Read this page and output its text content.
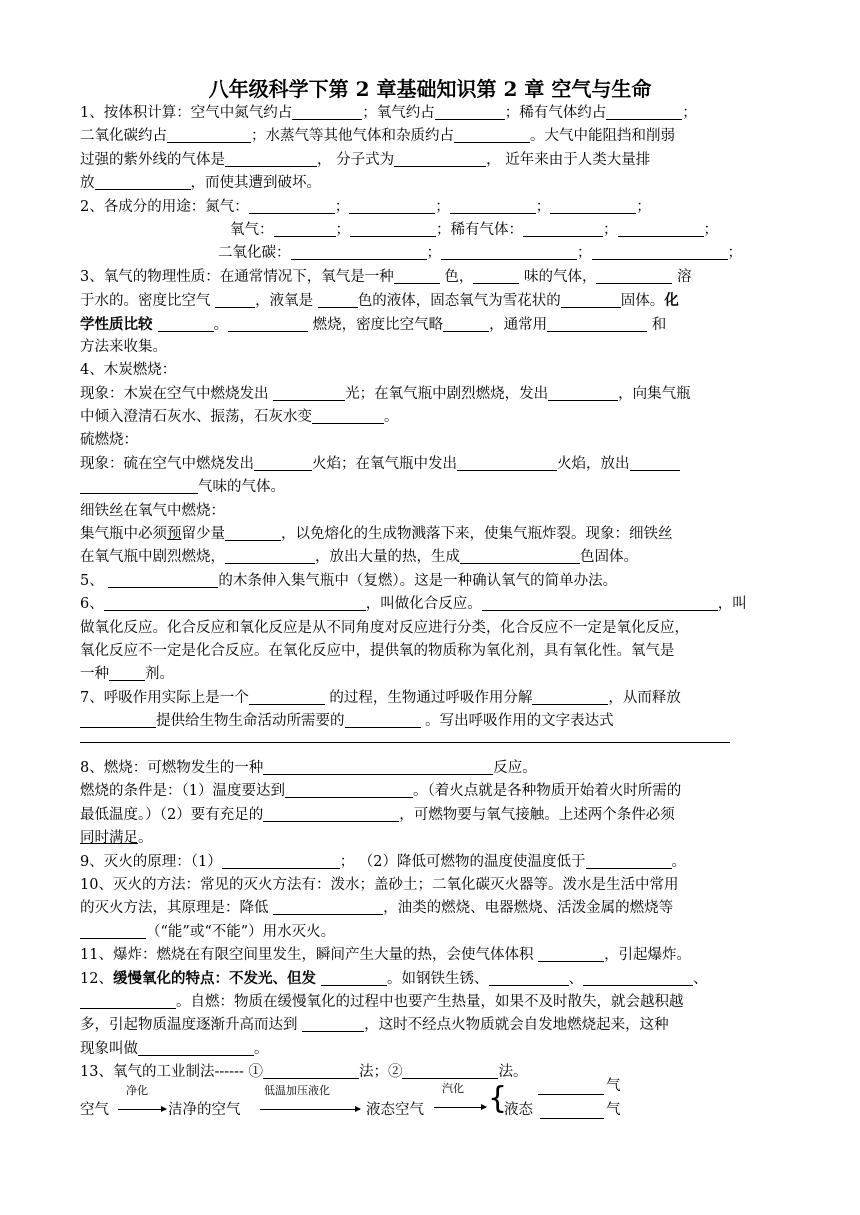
八年级科学下第 2 章基础知识第 2 章 空气与生命
1、按体积计算：空气中氮气约占	；氧气约占	；稀有气体约占	；
二氧化碳约占	；水蒸气等其他气体和杂质约占	。大气中能阻挡和削弱
过强的紫外线的气体是	， 分子式为	， 近年来由于人类大量排
放	，而使其遭到破坏。
2、各成分的用途：氮气：	；	；	；	；
氧气：	；	；稀有气体：	；	；
二氧化碳：	；	；	；
3、氧气的物理性质：在通常情况下，氧气是一种	色，	味的气体，	溶
于水的。密度比空气	，液氧是	色的液体，固态氧气为雪花状的	固体。化
学性质比较	。	燃烧，密度比空气略	，通常用	和
方法来收集。
4、木炭燃烧：
现象：木炭在空气中燃烧发出	光；在氧气瓶中剧烈燃烧，发出	，向集气瓶
中倾入澄清石灰水、振荡，石灰水变	。
硫燃烧：
现象：硫在空气中燃烧发出	火焰；在氧气瓶中发出	火焰，放出
气味的气体。
细铁丝在氧气中燃烧：
集气瓶中必须预留少量	，以免熔化的生成物溅落下来，使集气瓶炸裂。现象：细铁丝
在氧气瓶中剧烈燃烧，	，放出大量的热，生成	色固体。
5、	的木条伸入集气瓶中（复燃）。这是一种确认氧气的简单办法。
6、	，叫做化合反应。	，叫
做氧化反应。化合反应和氧化反应是从不同角度对反应进行分类，化合反应不一定是氧化反应，
氧化反应不一定是化合反应。在氧化反应中，提供氧的物质称为氧化剂，具有氧化性。氧气是
一种 剂。
7、呼吸作用实际上是一个	的过程，生物通过呼吸作用分解	，从而释放
提供给生物生命活动所需要的	。写出呼吸作用的文字表达式
8、燃烧：可燃物发生的一种	反应。
燃烧的条件是：（1）温度要达到	。（着火点就是各种物质开始着火时所需的
最低温度。）（2）要有充足的	，可燃物要与氧气接触。上述两个条件必须
同时满足。
9、灭火的原理：（1）	； （2）降低可燃物的温度使温度低于	。
10、灭火的方法：常见的灭火方法有：泼水；盖砂土；二氧化碳灭火器等。泼水是生活中常用
的灭火方法，其原理是：降低	，油类的燃烧、电器燃烧、活泼金属的燃烧等
（“能”或“不能”）用水灭火。
11、爆炸：燃烧在有限空间里发生，瞬间产生大量的热，会使气体体积	，引起爆炸。
12、缓慢氧化的特点：不发光、但发	。如钢铁生锈、	、	、
。自燃：物质在缓慢氧化的过程中也要产生热量，如果不及时散失，就会越积越
多，引起物质温度逐渐升高而达到	，这时不经点火物质就会自发地燃烧起来，这种
现象叫做	。
13、氧气的工业制法------ ①	法；②	法。
空气
净化
洁净的空气
低温加压液化
液态空气
汽化 {	气
液态	气
